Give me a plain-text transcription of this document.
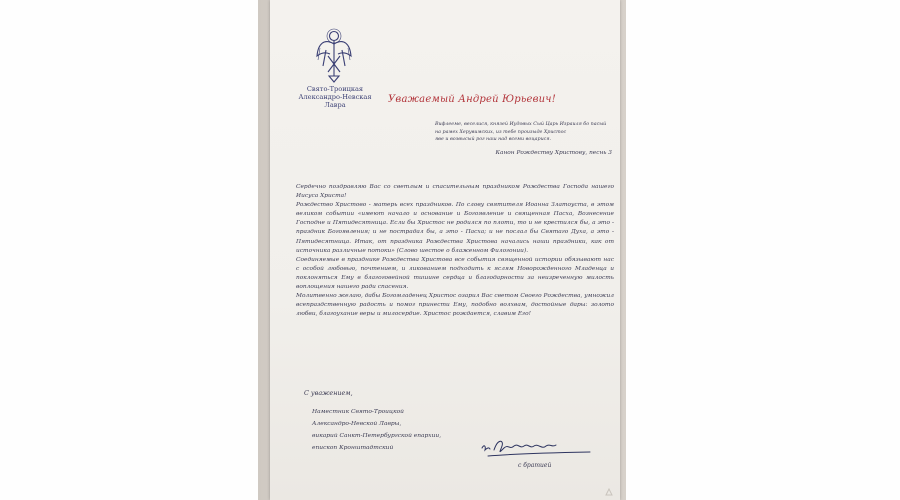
Свято-Троицкая
Александро-Невская
Лавра	Уважаемый Андрей Юрьевич!
Вифлееме, веселися, князей Иудовых Сый Царь Израиля бо пасый
на рамех Херувимских, из тебе произыде Христос
яве и возвысый рог наш над всеми воцарися.
Канон Рождеству Христову, песнь 3

Сердечно поздравляю Вас со светлым и спасительным праздником Рождества Господа нашего Иисуса Христа!

Рождество Христово - матерь всех праздников. По слову святителя Иоанна Златоуста, в этом великом событии «имеют начало и основание и Богоявление и священная Пасха, Вознесение Господне и Пятидесятница. Если бы Христос не родился по плоти, то и не крестился бы, а это - праздник Богоявления; и не пострадал бы, а это - Пасха; и не послал бы Святаго Духа, а это - Пятидесятница. Итак, от праздника Рождества Христова начались наши праздники, как от источника различные потоки» (Слово шестое о блаженном Филогонии).

Соединяемые в празднике Рождества Христова все события священной истории обязывают нас с особой любовью, почтением, и ликованием подходить к яслям Новорожденного Младенца и поклоняться Ему в благоговейной тишине сердца и благодарности за неизреченную милость воплощения нашего ради спасения.

Молитвенно желаю, дабы Богомладенец Христос озарил Вас светом Своего Рождества, умножил всепраздственную радость и помог принести Ему, подобно волхвам, достойные дары: золото любви, благоухание веры и милосердие. Христос рождается, славим Его!

С уважением,
Наместник Свято-Троицкой
Александро-Невской Лавры,
викарий Санкт-Петербургской епархии,
епископ Кронштадтский
с братией
